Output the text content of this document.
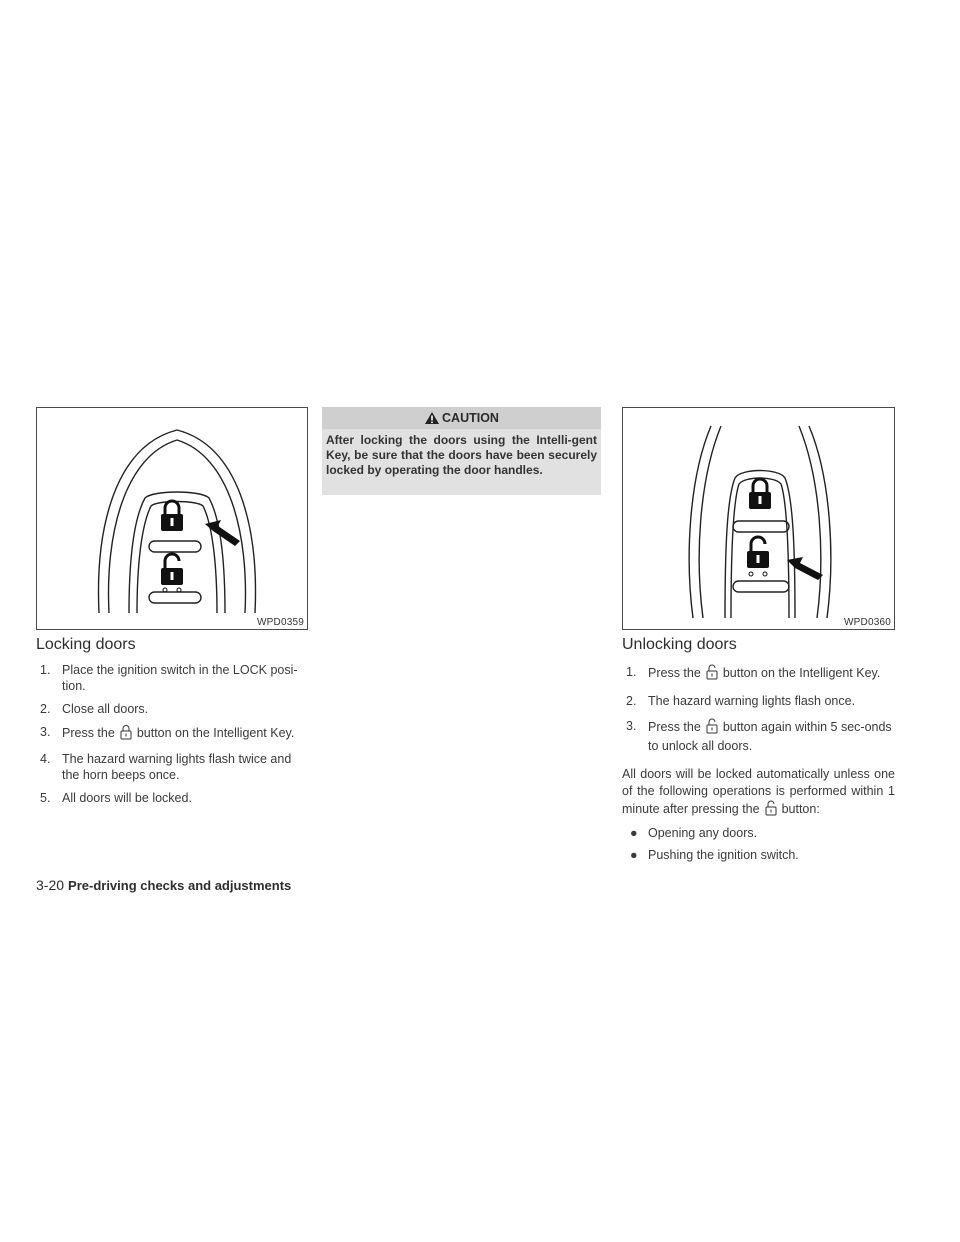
WPD0359	WPD0360
Locking doors
1. Place the ignition switch in the LOCK posi-tion.
2. Close all doors.
3. Press the button on the Intelligent Key.
4. The hazard warning lights flash twice and the horn beeps once.
5. All doors will be locked.
CAUTION
After locking the doors using the Intelli-gent Key, be sure that the doors have been securely locked by operating the door handles.
Unlocking doors
1. Press the button on the Intelligent Key.
2. The hazard warning lights flash once.
3. Press the button again within 5 sec-onds to unlock all doors.
All doors will be locked automatically unless one of the following operations is performed within 1 minute after pressing the button:
● Opening any doors.
● Pushing the ignition switch.
3-20 Pre-driving checks and adjustments
